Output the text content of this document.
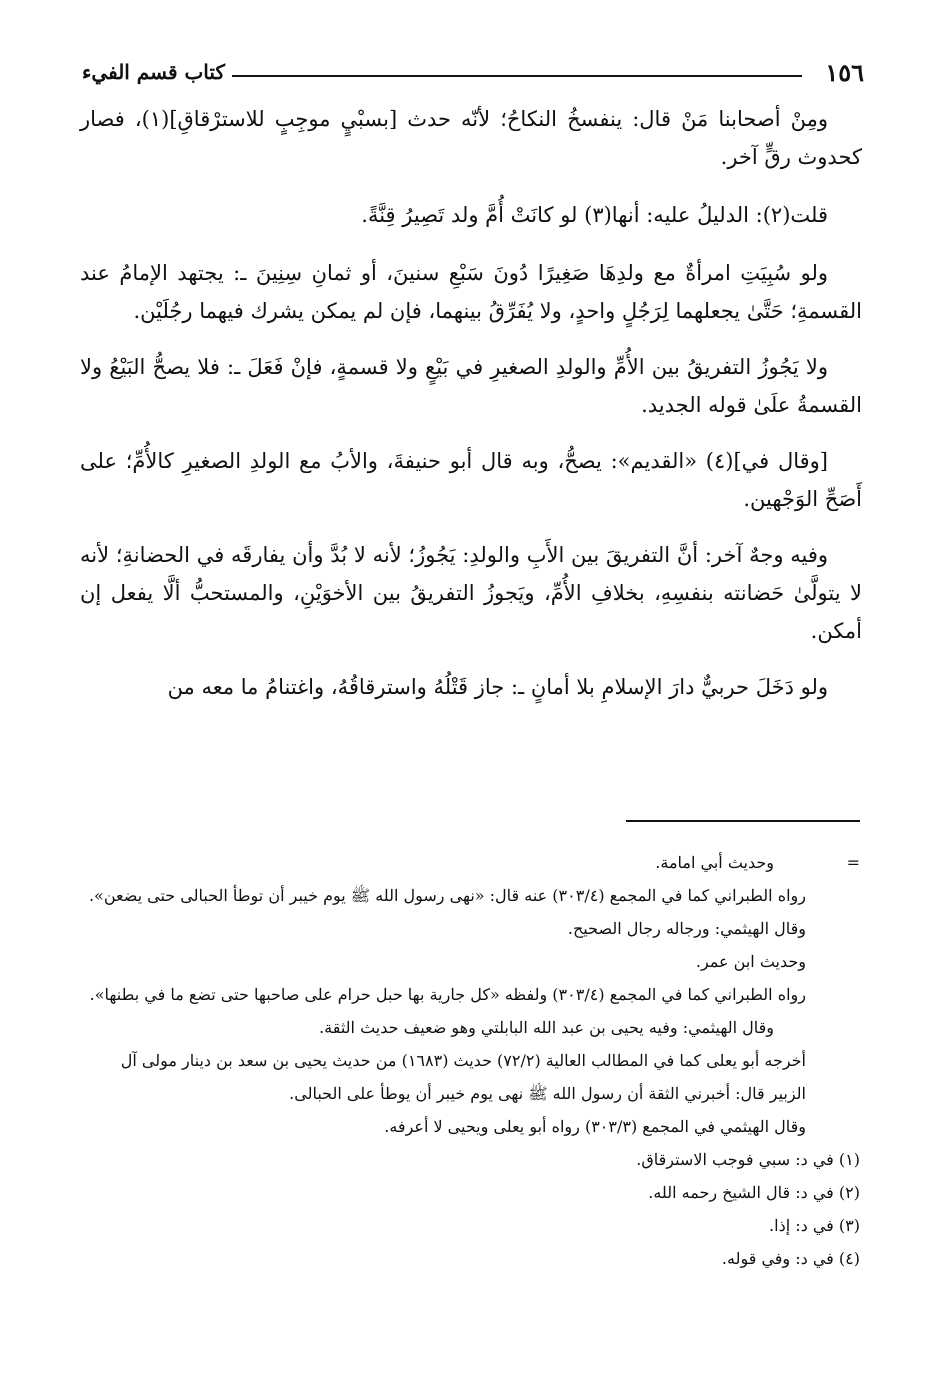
١٥٦
كتاب قسم الفيء

ومِنْ أصحابنا مَنْ قال: ينفسخُ النكاحُ؛ لأنّه حدث [بسبْيٍ موجِبٍ للاسترْقاقِ](١)، فصار كحدوث رقٍّ آخر.

قلت(٢): الدليلُ عليه: أنها(٣) لو كانَتْ أُمَّ ولد تَصِيرُ قِنَّةً.

ولو سُبِيَتِ امرأةٌ مع ولدِهَا صَغِيرًا دُونَ سَبْعِ سنينَ، أو ثمانِ سِنِينَ ـ: يجتهد الإمامُ عند القسمةِ؛ حَتَّىٰ يجعلهما لِرَجُلٍ واحدٍ، ولا يُفَرِّقُ بينهما، فإن لم يمكن يشرك فيهما رجُلَيْن.

ولا يَجُوزُ التفريقُ بين الأُمِّ والولدِ الصغيرِ في بَيْعٍ ولا قسمةٍ، فإنْ فَعَلَ ـ: فلا يصحُّ البَيْعُ ولا القسمةُ علَىٰ قوله الجديد.

[وقال في](٤) «القديم»: يصحُّ، وبه قال أبو حنيفةَ، والأبُ مع الولدِ الصغيرِ كالأُمِّ؛ على أَصَحِّ الوَجْهين.

وفيه وجهٌ آخر: أنَّ التفريقَ بين الأَبِ والولدِ: يَجُوزُ؛ لأنه لا بُدَّ وأن يفارقَه في الحضانةِ؛ لأنه لا يتولَّىٰ حَضانته بنفسِهِ، بخلافِ الأُمِّ، ويَجوزُ التفريقُ بين الأخوَيْنِ، والمستحبُّ ألَّا يفعل إن أمكن.

ولو دَخَلَ حربيٌّ دارَ الإسلامِ بلا أمانٍ ـ: جاز قَتْلُهُ واسترقاقُهُ، واغتنامُ ما معه من

=
وحديث أبي امامة.
رواه الطبراني كما في المجمع (٣٠٣/٤) عنه قال: «نهى رسول الله ﷺ يوم خيبر أن توطأ الحبالى حتى يضعن». وقال الهيثمي: ورجاله رجال الصحيح.
وحديث ابن عمر.
رواه الطبراني كما في المجمع (٣٠٣/٤) ولفظه «كل جارية بها حبل حرام على صاحبها حتى تضع ما في بطنها».
وقال الهيثمي: وفيه يحيى بن عبد الله البابلتي وهو ضعيف حديث الثقة.
أخرجه أبو يعلى كما في المطالب العالية (٧٢/٢) حديث (١٦٨٣) من حديث يحيى بن سعد بن دينار مولى آل الزبير قال: أخبرني الثقة أن رسول الله ﷺ نهى يوم خيبر أن يوطأ على الحبالى.
وقال الهيثمي في المجمع (٣٠٣/٣) رواه أبو يعلى ويحيى لا أعرفه.
(١) في د: سبي فوجب الاسترقاق.
(٢) في د: قال الشيخ رحمه الله.
(٣) في د: إذا.
(٤) في د: وفي قوله.
